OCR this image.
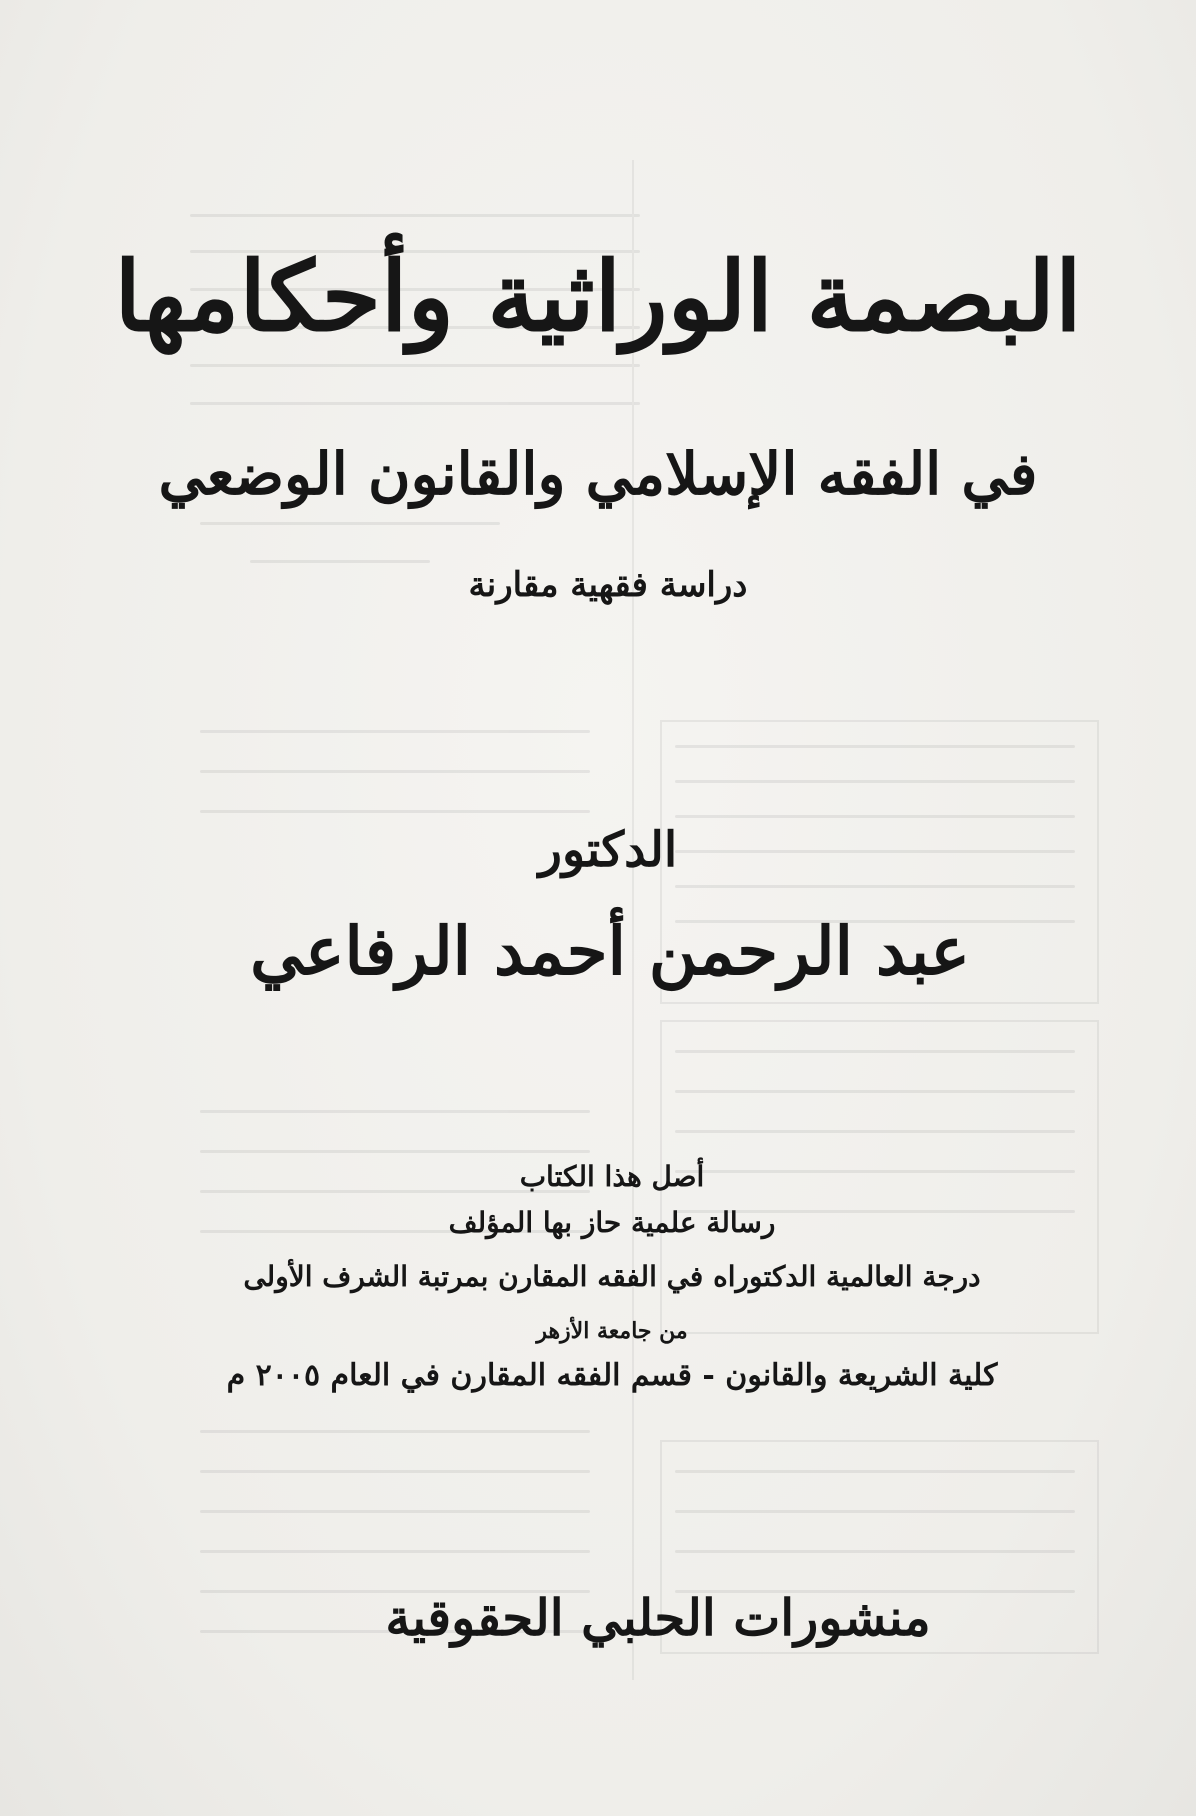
البصمة الوراثية وأحكامها
في الفقه الإسلامي والقانون الوضعي

دراسة فقهية مقارنة

الدكتور

عبد الرحمن أحمد الرفاعي

أصل هذا الكتاب

رسالة علمية حاز بها المؤلف

درجة العالمية الدكتوراه في الفقه المقارن بمرتبة الشرف الأولى

من جامعة الأزهر

كلية الشريعة والقانون - قسم الفقه المقارن في العام ٢٠٠٥ م

منشورات الحلبي الحقوقية
